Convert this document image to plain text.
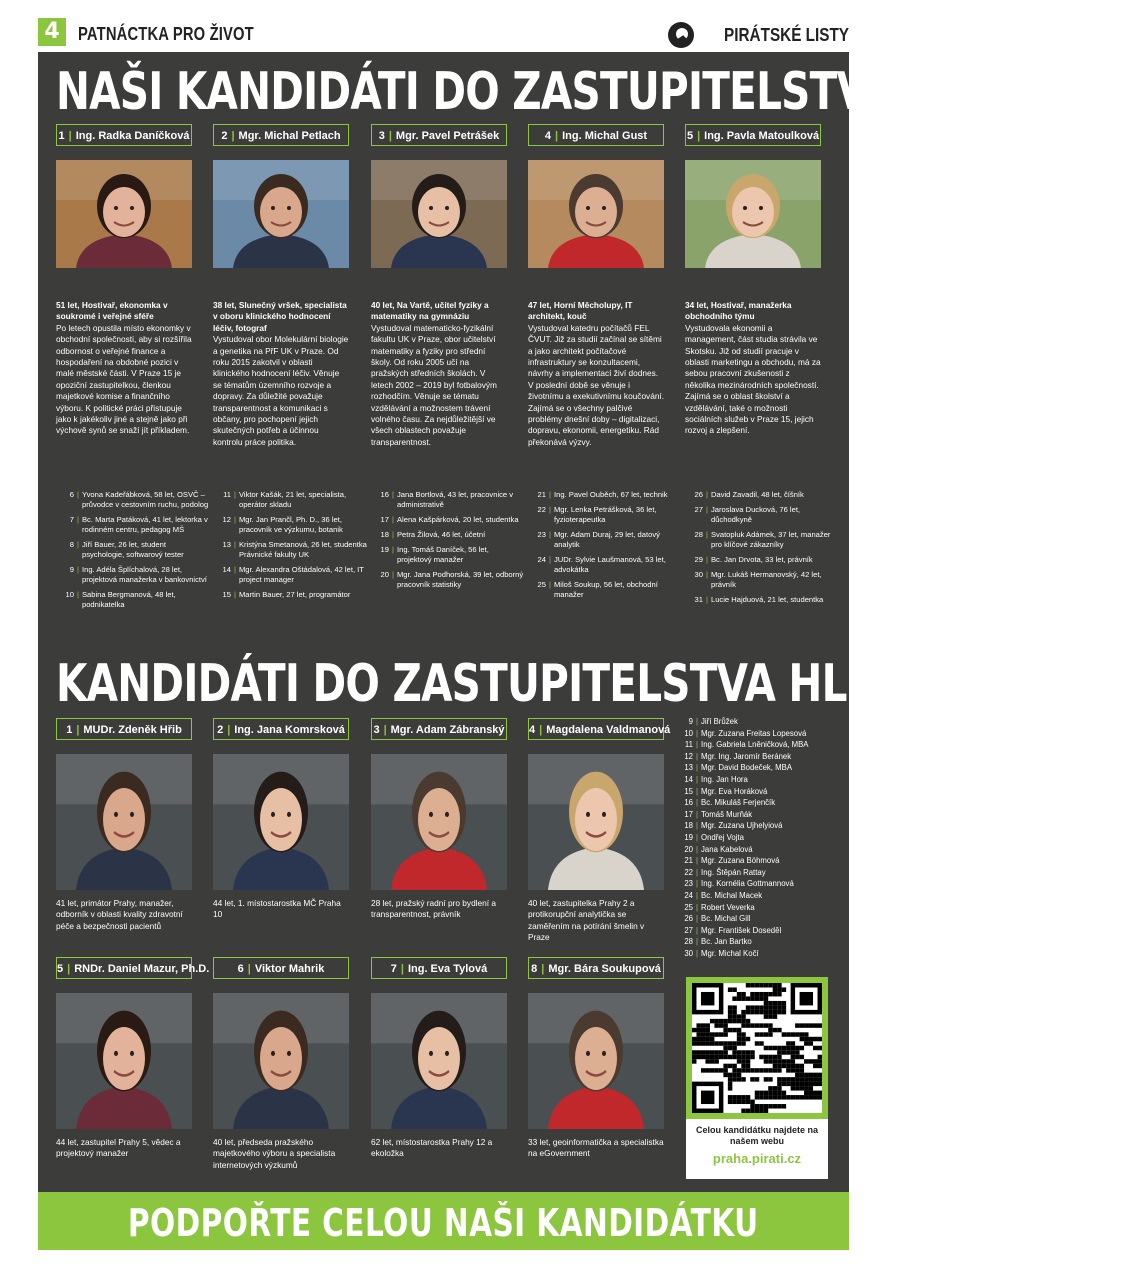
4	PATNÁCTKA PRO ŽIVOT	PIRÁTSKÉ LISTY
NAŠI KANDIDÁTI DO ZASTUPITELSTVA PRAHY 15
KANDIDÁTI DO ZASTUPITELSTVA HL. M. PRAHY
1 | Ing. Radka Daníčková
51 let, Hostivař, ekonomka v soukromé i veřejné sféře
Po letech opustila místo ekonomky v obchodní společnosti, aby si rozšířila odbornost o veřejné finance a hospodaření na obdobné pozici v malé městské části. V Praze 15 je opoziční zastupitelkou, členkou majetkové komise a finančního výboru. K politické práci přistupuje jako k jakékoliv jiné a stejně jako při výchově synů se snaží jít příkladem.
2 | Mgr. Michal Petlach
38 let, Slunečný vršek, specialista v oboru klinického hodnocení léčiv, fotograf
Vystudoval obor Molekulární biologie a genetika na PřF UK v Praze. Od roku 2015 zakotvil v oblasti klinického hodnocení léčiv. Věnuje se tématům územního rozvoje a dopravy. Za důležité považuje transparentnost a komunikaci s občany, pro pochopení jejich skutečných potřeb a účinnou kontrolu práce politika.
3 | Mgr. Pavel Petrášek
40 let, Na Vartě, učitel fyziky a matematiky na gymnáziu
Vystudoval matematicko-fyzikální fakultu UK v Praze, obor učitelství matematiky a fyziky pro střední školy. Od roku 2005 učí na pražských středních školách. V letech 2002 – 2019 byl fotbalovým rozhodčím. Věnuje se tématu vzdělávání a možnostem trávení volného času. Za nejdůležitější ve všech oblastech považuje transparentnost.
4 | Ing. Michal Gust
47 let, Horní Měcholupy, IT architekt, kouč
Vystudoval katedru počítačů FEL ČVUT. Již za studií začínal se sítěmi a jako architekt počítačové infrastruktury se konzultacemi, návrhy a implementací živí dodnes. V poslední době se věnuje i životnímu a exekutivnímu koučování. Zajímá se o všechny palčivé problémy dnešní doby – digitalizaci, dopravu, ekonomii, energetiku. Rád překonává výzvy.
5 | Ing. Pavla Matoulková
34 let, Hostivař, manažerka obchodního týmu
Vystudovala ekonomii a management, část studia strávila ve Skotsku. Již od studií pracuje v oblasti marketingu a obchodu, má za sebou pracovní zkušenosti z několika mezinárodních společností. Zajímá se o oblast školství a vzdělávání, také o možnosti sociálních služeb v Praze 15, jejich rozvoj a zlepšení.
6 | Yvona Kadeřábková, 58 let, OSVČ – průvodce v cestovním ruchu, podolog
7 | Bc. Marta Patáková, 41 let, lektorka v rodinném centru, pedagog MŠ
8 | Jiří Bauer, 26 let, student psychologie, softwarový tester
9 | Ing. Adéla Šplíchalová, 28 let, projektová manažerka v bankovnictví
10 | Sabina Bergmanová, 48 let, podnikatelka
11 | Viktor Kašák, 21 let, specialista, operátor skladu
12 | Mgr. Jan Prančl, Ph. D., 36 let, pracovník ve výzkumu, botanik
13 | Kristýna Smetanová, 26 let, studentka Právnické fakulty UK
14 | Mgr. Alexandra Oštádalová, 42 let, IT project manager
15 | Martin Bauer, 27 let, programátor
16 | Jana Bortlová, 43 let, pracovnice v administrativě
17 | Alena Kašpárková, 20 let, studentka
18 | Petra Žilová, 46 let, účetní
19 | Ing. Tomáš Daníček, 56 let, projektový manažer
20 | Mgr. Jana Podhorská, 39 let, odborný pracovník statistiky
21 | Ing. Pavel Ouběch, 67 let, technik
22 | Mgr. Lenka Petrášková, 36 let, fyzioterapeutka
23 | Mgr. Adam Duraj, 29 let, datový analytik
24 | JUDr. Sylvie Laušmanová, 53 let, advokátka
25 | Miloš Soukup, 56 let, obchodní manažer
26 | David Zavadil, 48 let, číšník
27 | Jaroslava Ducková, 76 let, důchodkyně
28 | Svatopluk Adámek, 37 let, manažer pro klíčové zákazníky
29 | Bc. Jan Drvota, 33 let, právník
30 | Mgr. Lukáš Hermanovský, 42 let, právník
31 | Lucie Hajduová, 21 let, studentka
1 | MUDr. Zdeněk Hřib
41 let, primátor Prahy, manažer, odborník v oblasti kvality zdravotní péče a bezpečnosti pacientů
2 | Ing. Jana Komrsková
44 let, 1. místostarostka MČ Praha 10
3 | Mgr. Adam Zábranský
28 let, pražský radní pro bydlení a transparentnost, právník
4 | Magdalena Valdmanová
40 let, zastupitelka Prahy 2 a protikorupční analytička se zaměřením na potírání šmelin v Praze
5 | RNDr. Daniel Mazur, Ph.D.
44 let, zastupitel Prahy 5, vědec a projektový manažer
6 | Viktor Mahrik
40 let, předseda pražského majetkového výboru a specialista internetových výzkumů
7 | Ing. Eva Tylová
62 let, místostarostka Prahy 12 a ekoložka
8 | Mgr. Bára Soukupová
33 let, geoinformatička a specialistka na eGovernment
9 | Jiří Brůžek
10 | Mgr. Zuzana Freitas Lopesová
11 | Ing. Gabriela Lněničková, MBA
12 | Mgr. Ing. Jaromír Beránek
13 | Mgr. David Bodeček, MBA
14 | Ing. Jan Hora
15 | Mgr. Eva Horáková
16 | Bc. Mikuláš Ferjenčík
17 | Tomáš Murňák
18 | Mgr. Zuzana Ujhelyiová
19 | Ondřej Vojta
20 | Jana Kabelová
21 | Mgr. Zuzana Böhmová
22 | Ing. Štěpán Rattay
23 | Ing. Kornélia Gottmannová
24 | Bc. Michal Macek
25 | Robert Veverka
26 | Bc. Michal Gill
27 | Mgr. František Doseděl
28 | Bc. Jan Bartko
30 | Mgr. Michal Kočí
Celou kandidátku najdete na našem webu
praha.pirati.cz
PODPOŘTE CELOU NAŠI KANDIDÁTKU
